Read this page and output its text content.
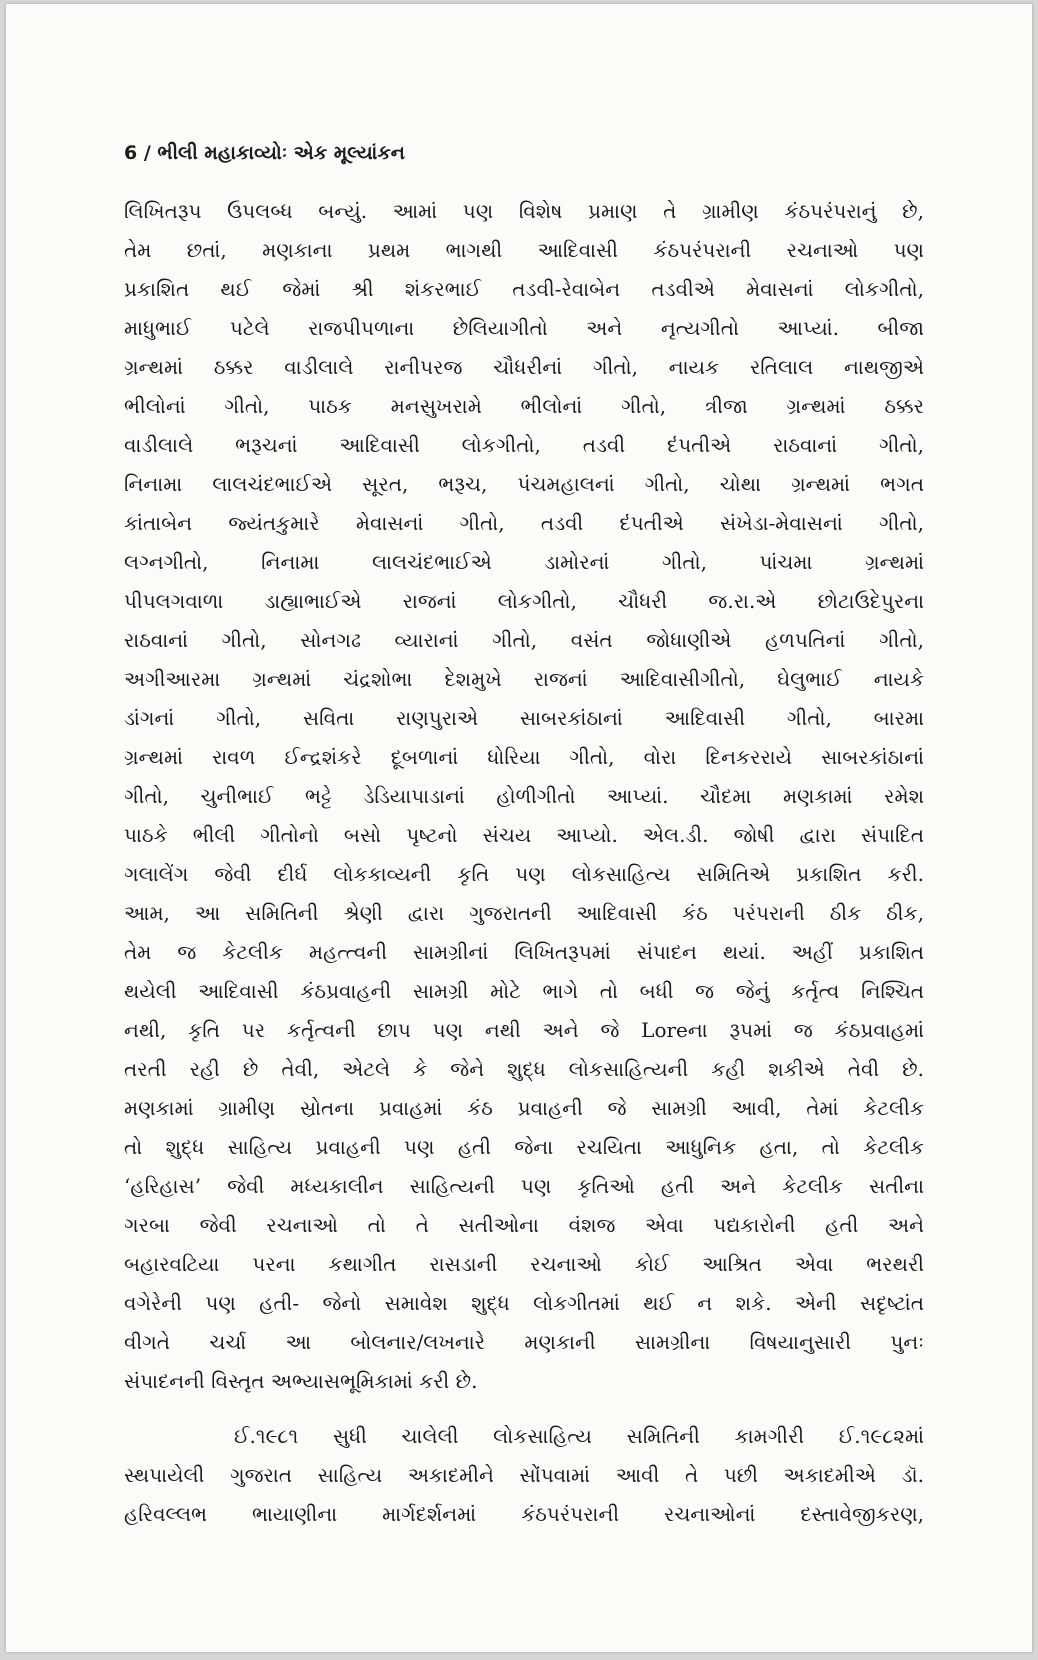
6 / ભીલી મહાકાવ્યોઃ એક મૂલ્યાંકન
લિખિતરૂપ ઉપલબ્ધ બન્યું. આમાં પણ વિશેષ પ્રમાણ તે ગ્રામીણ કંઠપરંપરાનું છે,
તેમ છતાં, મણકાના પ્રથમ ભાગથી આદિવાસી કંઠપરંપરાની રચનાઓ પણ
પ્રકાશિત થઈ જેમાં શ્રી શંકરભાઈ તડવી-રેવાબેન તડવીએ મેવાસનાં લોકગીતો,
માધુભાઈ પટેલે રાજપીપળાના છેલિયાગીતો અને નૃત્યગીતો આપ્યાં. બીજા
ગ્રન્થમાં ઠક્કર વાડીલાલે રાનીપરજ ચૌધરીનાં ગીતો, નાયક રતિલાલ નાથજીએ
ભીલોનાં ગીતો, પાઠક મનસુખરામે ભીલોનાં ગીતો, ત્રીજા ગ્રન્થમાં ઠક્કર
વાડીલાલે ભરૂચનાં આદિવાસી લોકગીતો, તડવી દંપતીએ રાઠવાનાં ગીતો,
નિનામા લાલચંદભાઈએ સૂરત, ભરૂચ, પંચમહાલનાં ગીતો, ચોથા ગ્રન્થમાં ભગત
કાંતાબેન જ્યંતકુમારે મેવાસનાં ગીતો, તડવી દંપતીએ સંખેડા-મેવાસનાં ગીતો,
લગ્નગીતો, નિનામા લાલચંદભાઈએ ડામોરનાં ગીતો, પાંચમા ગ્રન્થમાં
પીપલગવાળા ડાહ્યાભાઈએ રાજનાં લોકગીતો, ચૌધરી જ.રા.એ છોટાઉદેપુરના
રાઠવાનાં ગીતો, સોનગઢ વ્યારાનાં ગીતો, વસંત જોધાણીએ હળપતિનાં ગીતો,
અગીઆરમા ગ્રન્થમાં ચંદ્રશોભા દેશમુખે રાજનાં આદિવાસીગીતો, ઘેલુભાઈ નાયકે
ડાંગનાં ગીતો, સવિતા રાણપુરાએ સાબરકાંઠાનાં આદિવાસી ગીતો, બારમા
ગ્રન્થમાં રાવળ ઈન્દ્રશંકરે દૂબળાનાં ધોરિયા ગીતો, વોરા દિનકરરાયે સાબરકાંઠાનાં
ગીતો, ચુનીભાઈ ભટ્ટે ડેડિયાપાડાનાં હોળીગીતો આપ્યાં. ચૌદમા મણકામાં રમેશ
પાઠકે ભીલી ગીતોનો બસો પૃષ્ટનો સંચય આપ્યો. એલ.ડી. જોષી દ્વારા સંપાદિત
ગલાલેંગ જેવી દીર્ઘ લોકકાવ્યની કૃતિ પણ લોકસાહિત્ય સમિતિએ પ્રકાશિત કરી.
આમ, આ સમિતિની શ્રેણી દ્વારા ગુજરાતની આદિવાસી કંઠ પરંપરાની ઠીક ઠીક,
તેમ જ કેટલીક મહત્ત્વની સામગ્રીનાં લિખિતરૂપમાં સંપાદન થયાં. અહીં પ્રકાશિત
થયેલી આદિવાસી કંઠપ્રવાહની સામગ્રી મોટે ભાગે તો બધી જ જેનું કર્તૃત્વ નિશ્ચિત
નથી, કૃતિ પર કર્તૃત્વની છાપ પણ નથી અને જે Loreના રૂપમાં જ કંઠપ્રવાહમાં
તરતી રહી છે તેવી, એટલે કે જેને શુદ્ધ લોકસાહિત્યની કહી શકીએ તેવી છે.
મણકામાં ગ્રામીણ સ્રોતના પ્રવાહમાં કંઠ પ્રવાહની જે સામગ્રી આવી, તેમાં કેટલીક
તો શુદ્ધ સાહિત્ય પ્રવાહની પણ હતી જેના રચયિતા આધુનિક હતા, તો કેટલીક
‘હરિહાસ’ જેવી મધ્યકાલીન સાહિત્યની પણ કૃતિઓ હતી અને કેટલીક સતીના
ગરબા જેવી રચનાઓ તો તે સતીઓના વંશજ એવા પદ્યકારોની હતી અને
બહારવટિયા પરના કથાગીત રાસડાની રચનાઓ કોઈ આશ્રિત એવા ભરથરી
વગેરેની પણ હતી- જેનો સમાવેશ શુદ્ધ લોકગીતમાં થઈ ન શકે. એની સદૃષ્ટાંત
વીગતે ચર્ચા આ બોલનાર/લખનારે મણકાની સામગ્રીના વિષયાનુસારી પુનઃ
સંપાદનની વિસ્તૃત અભ્યાસભૂમિકામાં કરી છે.
ઈ.૧૯૮૧ સુધી ચાલેલી લોકસાહિત્ય સમિતિની કામગીરી ઈ.૧૯૮૨માં
સ્થપાયેલી ગુજરાત સાહિત્ય અકાદમીને સોંપવામાં આવી તે પછી અકાદમીએ ડૉ.
હરિવલ્લભ ભાયાણીના માર્ગદર્શનમાં કંઠપરંપરાની રચનાઓનાં દસ્તાવેજીકરણ,
